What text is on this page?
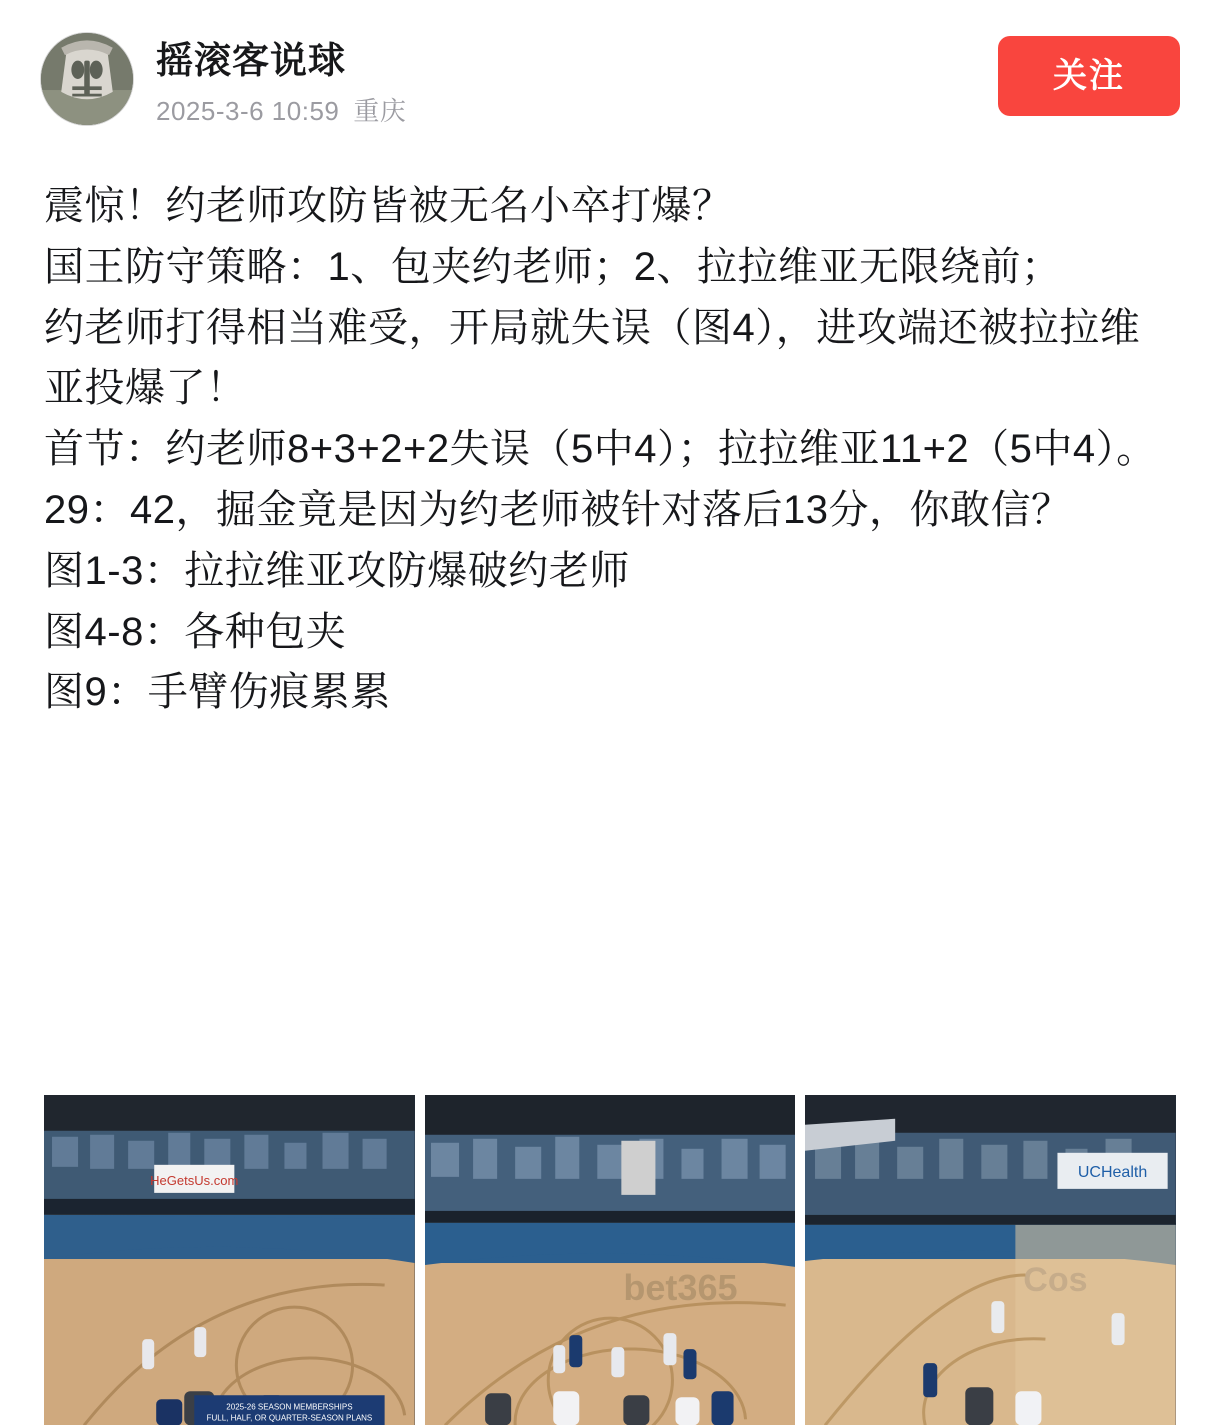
摇滚客说球
2025-3-6 10:59 重庆
关注

震惊！约老师攻防皆被无名小卒打爆？

国王防守策略：1、包夹约老师；2、拉拉维亚无限绕前；

约老师打得相当难受，开局就失误（图4），进攻端还被拉拉维亚投爆了！

首节：约老师8+3+2+2失误（5中4）；拉拉维亚11+2（5中4）。

29：42，掘金竟是因为约老师被针对落后13分，你敢信？

图1-3：拉拉维亚攻防爆破约老师

图4-8：各种包夹

图9：手臂伤痕累累

HeGetsUs.com
2025-26 SEASON MEMBERSHIPS
FULL, HALF, OR QUARTER-SEASON PLANS
bet365
UCHealth
Cos
